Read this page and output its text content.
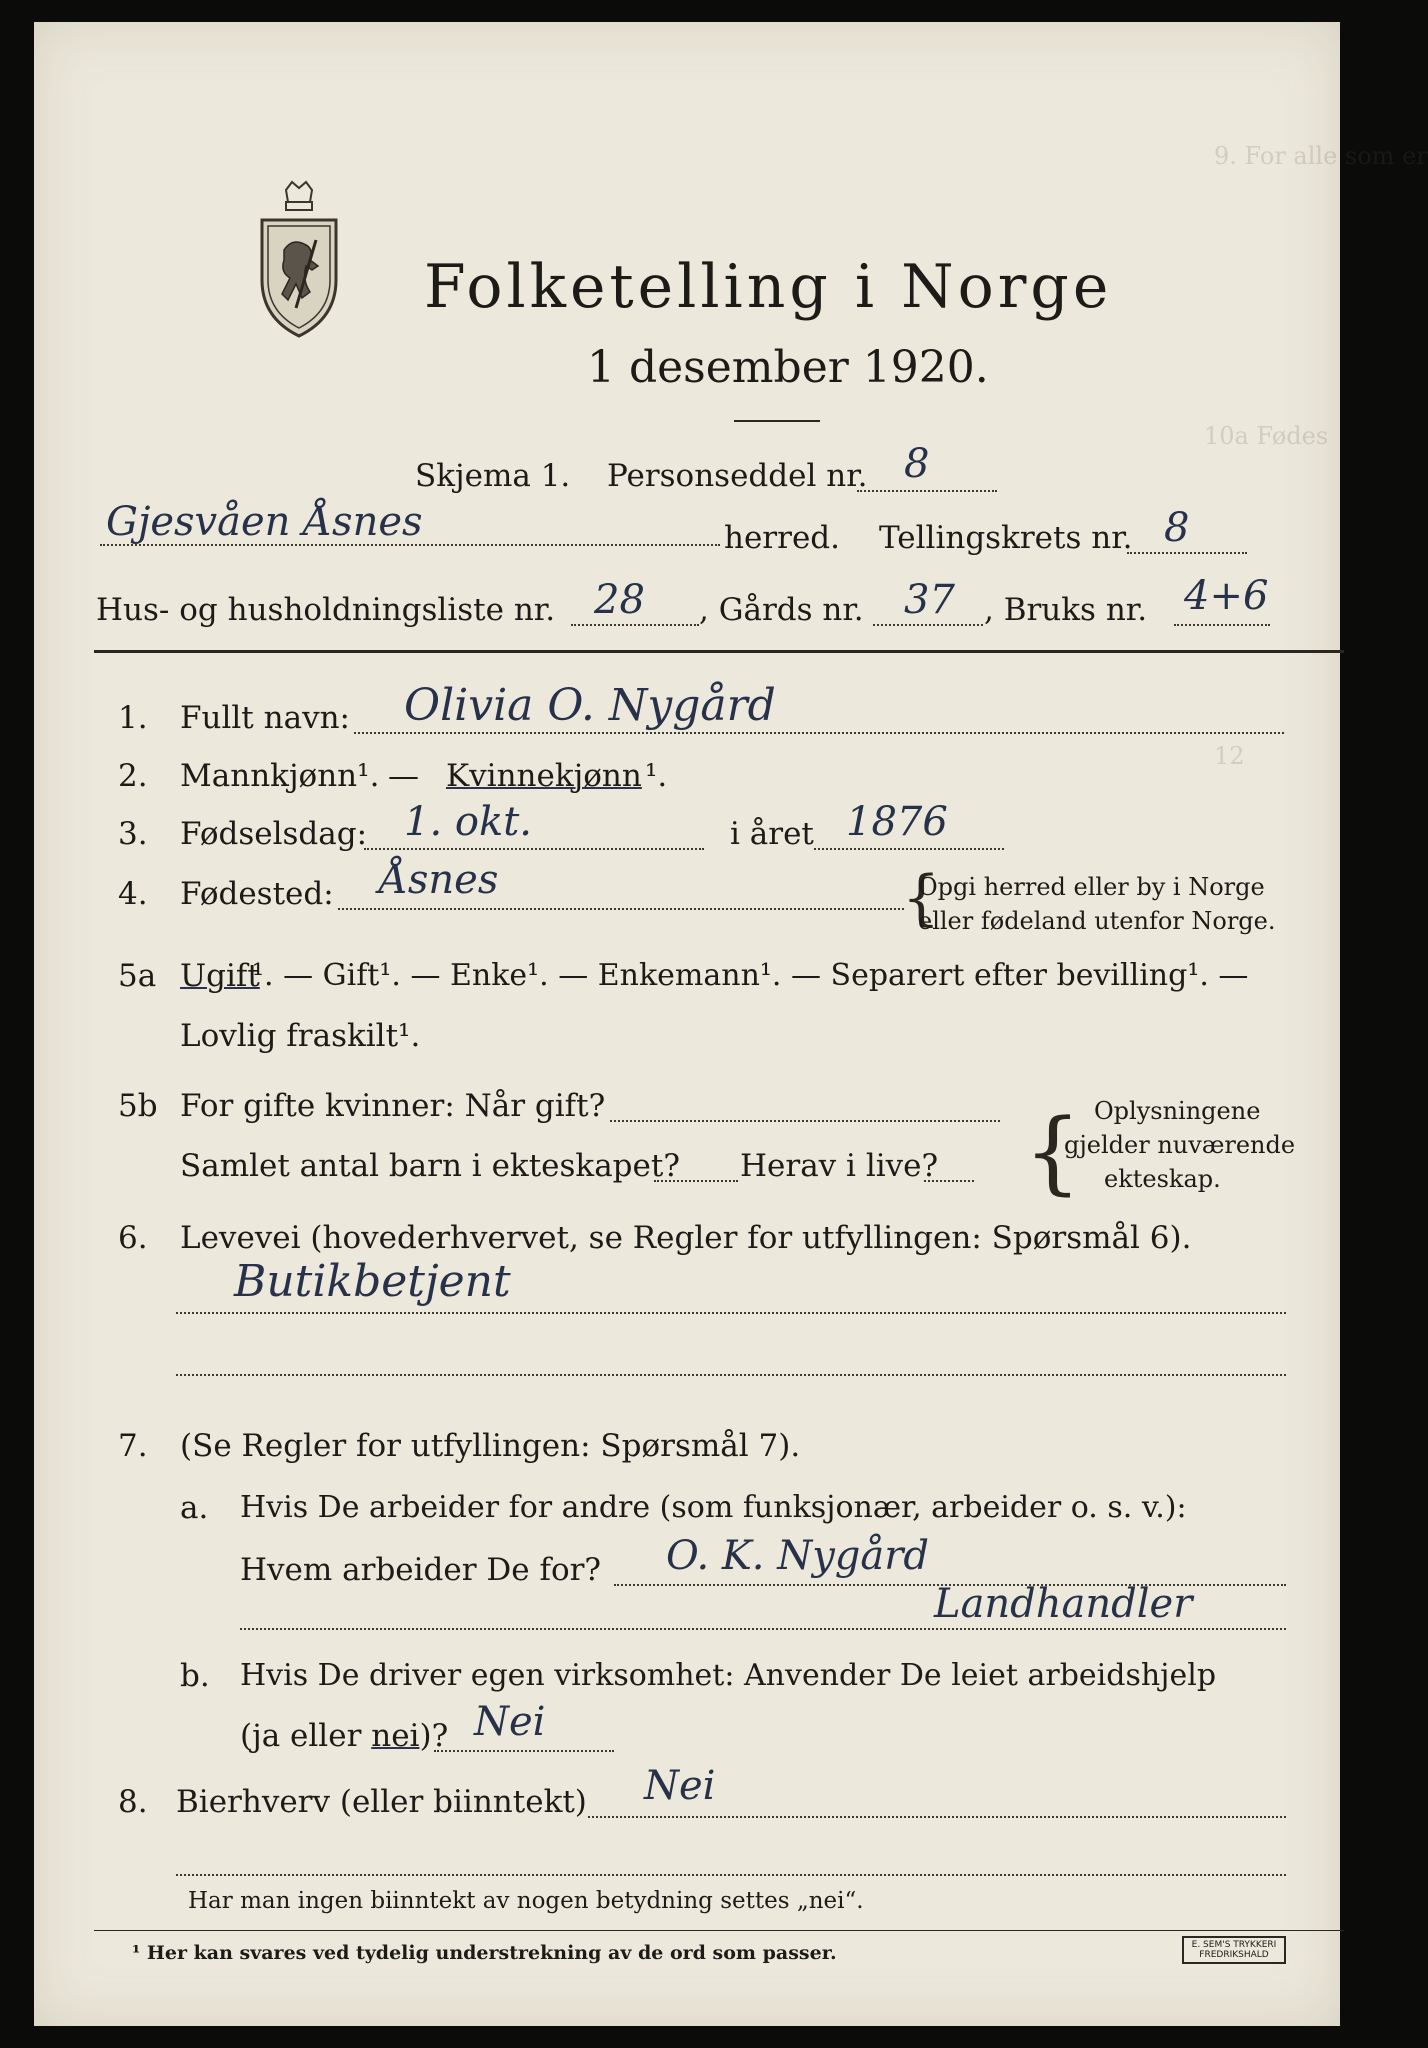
9. For alle som er
10a Fødes
12
Folketelling i Norge
1 desember 1920.
Skjema 1. Personseddel nr. 8
Gjesvåen Åsnes	herred. Tellingskrets nr. 8
Hus- og husholdningsliste nr. 28 , Gårds nr. 37 , Bruks nr. 4+6
1. Fullt navn: Olivia O. Nygård
2. Mannkjønn¹. — Kvinnekjønn ¹.
3. Fødselsdag: 1. okt.	i året 1876
4. Fødested: Åsnes	{
Opgi herred eller by i Norge
eller fødeland utenfor Norge.
5a Ugift
¹. — Gift¹. — Enke¹. — Enkemann¹. — Separert efter bevilling¹. —
Lovlig fraskilt¹.
5b For gifte kvinner: Når gift?
Samlet antal barn i ekteskapet? Herav i live? { Oplysningene
gjelder nuværende
ekteskap.
6. Levevei (hovederhvervet, se Regler for utfyllingen: Spørsmål 6).
Butikbetjent
7. (Se Regler for utfyllingen: Spørsmål 7).
a. Hvis De arbeider for andre (som funksjonær, arbeider o. s. v.):
Hvem arbeider De for? O. K. Nygård
Landhandler
b. Hvis De driver egen virksomhet: Anvender De leiet arbeidshjelp
(ja eller nei)? Nei
8. Bierhverv (eller biinntekt) Nei
Har man ingen biinntekt av nogen betydning settes „nei“.
¹ Her kan svares ved tydelig understrekning av de ord som passer.	E. SEM'S TRYKKERI
FREDRIKSHALD
